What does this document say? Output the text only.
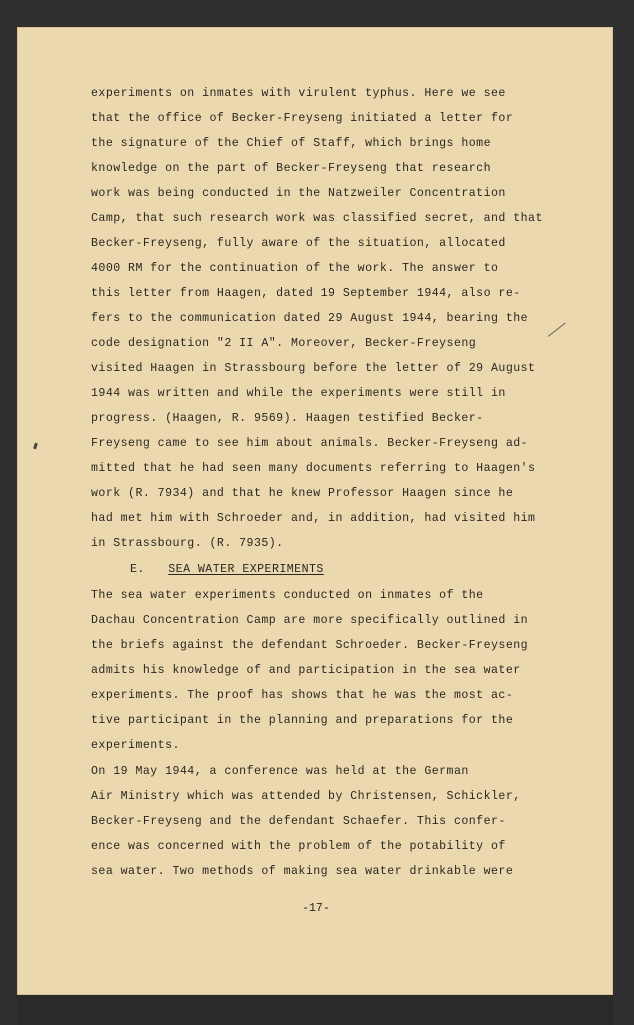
experiments on inmates with virulent typhus. Here we see
that the office of Becker-Freyseng initiated a letter for
the signature of the Chief of Staff, which brings home
knowledge on the part of Becker-Freyseng that research
work was being conducted in the Natzweiler Concentration
Camp, that such research work was classified secret, and that
Becker-Freyseng, fully aware of the situation, allocated
4000 RM for the continuation of the work. The answer to
this letter from Haagen, dated 19 September 1944, also re-
fers to the communication dated 29 August 1944, bearing the
code designation "2 II A". Moreover, Becker-Freyseng
visited Haagen in Strassbourg before the letter of 29 August
1944 was written and while the experiments were still in
progress. (Haagen, R. 9569). Haagen testified Becker-
Freyseng came to see him about animals. Becker-Freyseng ad-
mitted that he had seen many documents referring to Haagen's
work (R. 7934) and that he knew Professor Haagen since he
had met him with Schroeder and, in addition, had visited him
in Strassbourg. (R. 7935).
E. SEA WATER EXPERIMENTS
The sea water experiments conducted on inmates of the
Dachau Concentration Camp are more specifically outlined in
the briefs against the defendant Schroeder. Becker-Freyseng
admits his knowledge of and participation in the sea water
experiments. The proof has shows that he was the most ac-
tive participant in the planning and preparations for the
experiments.
On 19 May 1944, a conference was held at the German
Air Ministry which was attended by Christensen, Schickler,
Becker-Freyseng and the defendant Schaefer. This confer-
ence was concerned with the problem of the potability of
sea water. Two methods of making sea water drinkable were
-17-
